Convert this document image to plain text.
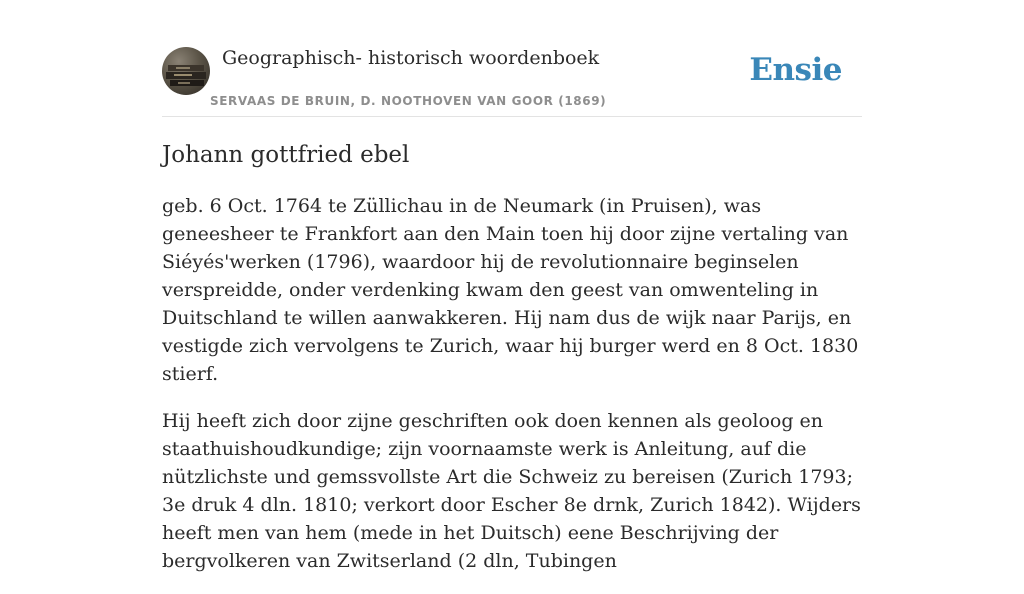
Geographisch- historisch woordenboek
SERVAAS DE BRUIN, D. NOOTHOVEN VAN GOOR (1869)
Ensie
Johann gottfried ebel

geb. 6 Oct. 1764 te Züllichau in de Neumark (in Pruisen), was geneesheer te Frankfort aan den Main toen hij door zijne vertaling van Siéyés'werken (1796), waardoor hij de revolutionnaire beginselen verspreidde, onder verdenking kwam den geest van omwenteling in Duitschland te willen aanwakkeren. Hij nam dus de wijk naar Parijs, en vestigde zich vervolgens te Zurich, waar hij burger werd en 8 Oct. 1830 stierf.

Hij heeft zich door zijne geschriften ook doen kennen als geoloog en staathuishoudkundige; zijn voornaamste werk is Anleitung, auf die nützlichste und gemssvollste Art die Schweiz zu bereisen (Zurich 1793; 3e druk 4 dln. 1810; verkort door Escher 8e drnk, Zurich 1842). Wijders heeft men van hem (mede in het Duitsch) eene Beschrijving der bergvolkeren van Zwitserland (2 dln, Tubingen
